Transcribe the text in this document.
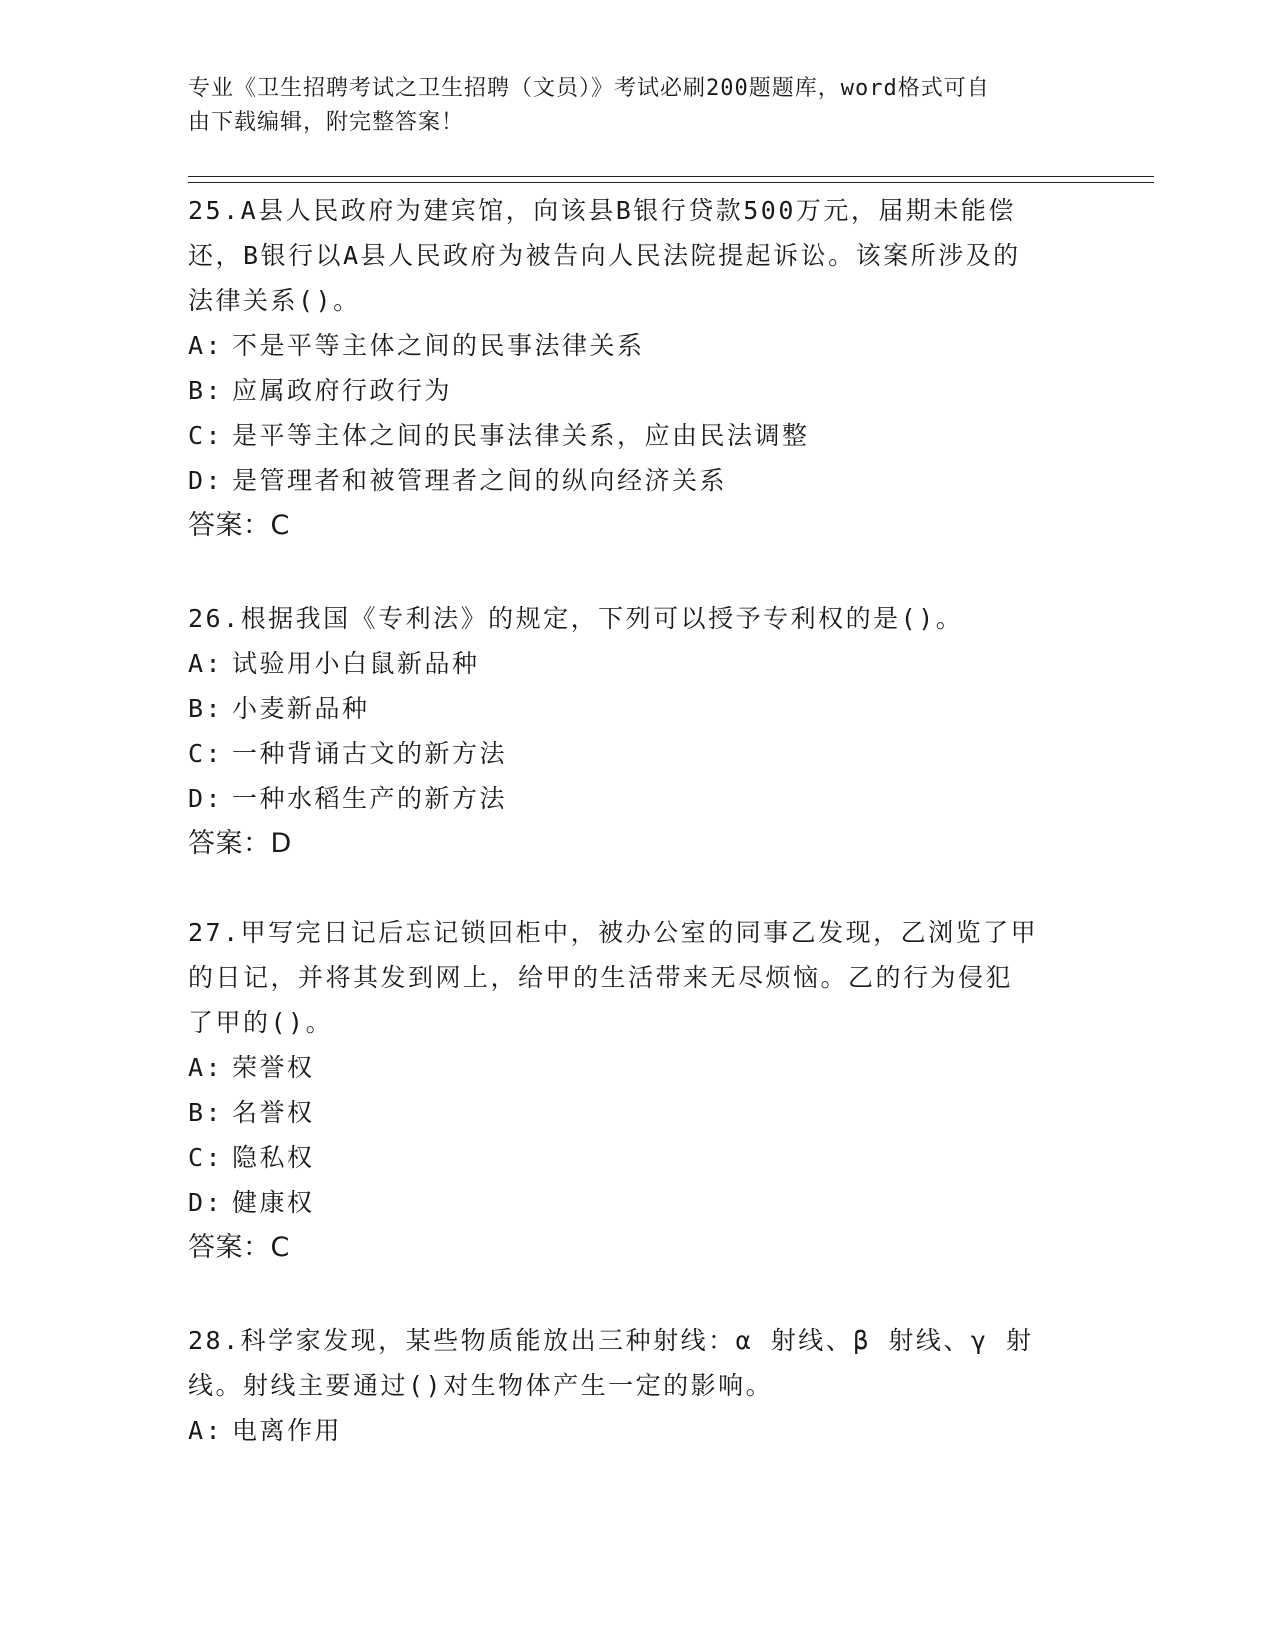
专业《卫生招聘考试之卫生招聘（文员）》考试必刷200题题库，word格式可自
由下载编辑，附完整答案！

25.A县人民政府为建宾馆，向该县B银行贷款500万元，届期未能偿

还，B银行以A县人民政府为被告向人民法院提起诉讼。该案所涉及的

法律关系()。

A: 不是平等主体之间的民事法律关系
B: 应属政府行政行为
C: 是平等主体之间的民事法律关系，应由民法调整
D: 是管理者和被管理者之间的纵向经济关系

答案：C

26.根据我国《专利法》的规定，下列可以授予专利权的是()。

A: 试验用小白鼠新品种
B: 小麦新品种
C: 一种背诵古文的新方法
D: 一种水稻生产的新方法

答案：D

27.甲写完日记后忘记锁回柜中，被办公室的同事乙发现，乙浏览了甲

的日记，并将其发到网上，给甲的生活带来无尽烦恼。乙的行为侵犯

了甲的()。

A: 荣誉权
B: 名誉权
C: 隐私权
D: 健康权

答案：C

28.科学家发现，某些物质能放出三种射线：α 射线、β 射线、γ 射

线。射线主要通过()对生物体产生一定的影响。

A: 电离作用
